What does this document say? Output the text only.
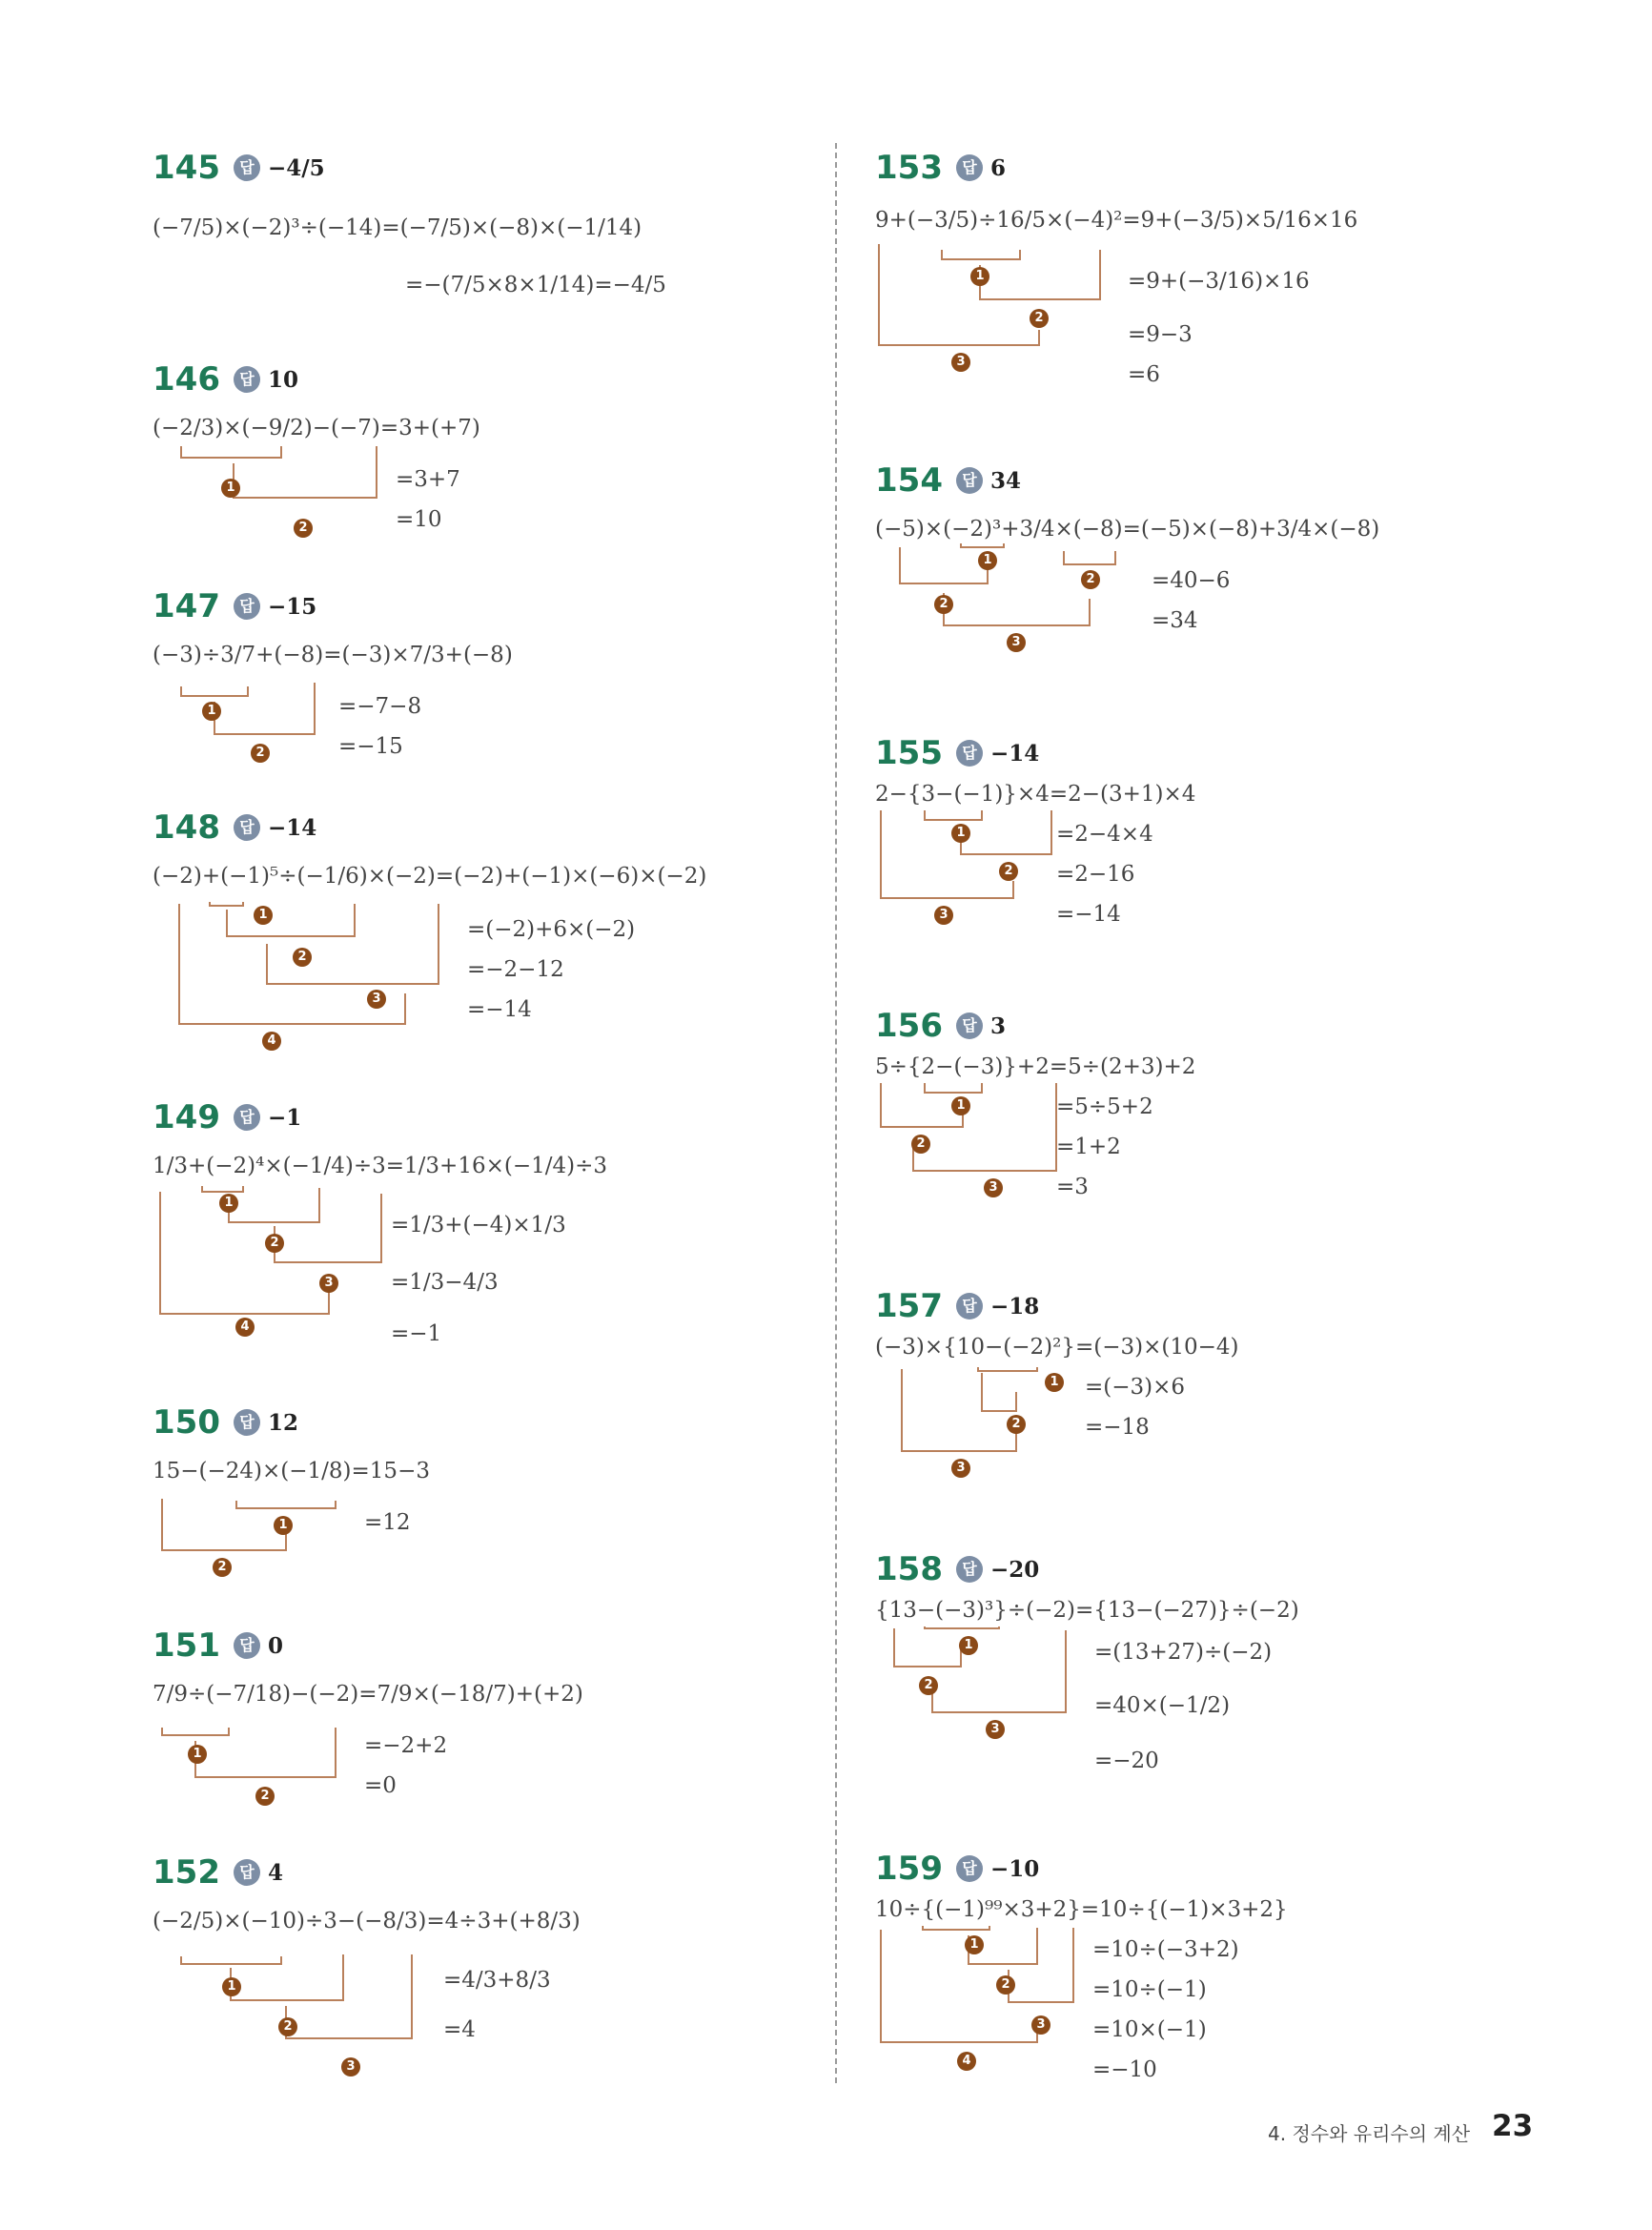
145	답 −4/5
(−7/5)×(−2)³÷(−14)=(−7/5)×(−8)×(−1/14)
=−(7/5×8×1/14)=−4/5
146	답 10
(−2/3)×(−9/2)−(−7)=3+(+7)
=3+7
=10
1
2
147	답 −15
(−3)÷3/7+(−8)=(−3)×7/3+(−8)
=−7−8
=−15
1
2
148	답 −14
(−2)+(−1)⁵÷(−1/6)×(−2)=(−2)+(−1)×(−6)×(−2)
=(−2)+6×(−2)
=−2−12
=−14
1
2
3
4
149	답 −1
1/3+(−2)⁴×(−1/4)÷3=1/3+16×(−1/4)÷3
=1/3+(−4)×1/3
=1/3−4/3
=−1
1
2
3
4
150	답 12
15−(−24)×(−1/8)=15−3
=12
1
2
151	답 0
7/9÷(−7/18)−(−2)=7/9×(−18/7)+(+2)
=−2+2
=0
1
2
152	답 4
(−2/5)×(−10)÷3−(−8/3)=4÷3+(+8/3)
=4/3+8/3
=4
1
2
3
153	답 6
9+(−3/5)÷16/5×(−4)²=9+(−3/5)×5/16×16
=9+(−3/16)×16
=9−3
=6
1
2
3
154	답 34
(−5)×(−2)³+3/4×(−8)=(−5)×(−8)+3/4×(−8)
=40−6
=34
1
2
2
3
155	답 −14
2−{3−(−1)}×4=2−(3+1)×4
=2−4×4
=2−16
=−14
1
2
3
156	답 3
5÷{2−(−3)}+2=5÷(2+3)+2
=5÷5+2
=1+2
=3
1
2
3
157	답 −18
(−3)×{10−(−2)²}=(−3)×(10−4)
=(−3)×6
=−18
1
2
3
158	답 −20
{13−(−3)³}÷(−2)={13−(−27)}÷(−2)
=(13+27)÷(−2)
=40×(−1/2)
=−20
1
2
3
159	답 −10
10÷{(−1)⁹⁹×3+2}=10÷{(−1)×3+2}
=10÷(−3+2)
=10÷(−1)
=10×(−1)
=−10
1
2
3
4
4. 정수와 유리수의 계산 23
